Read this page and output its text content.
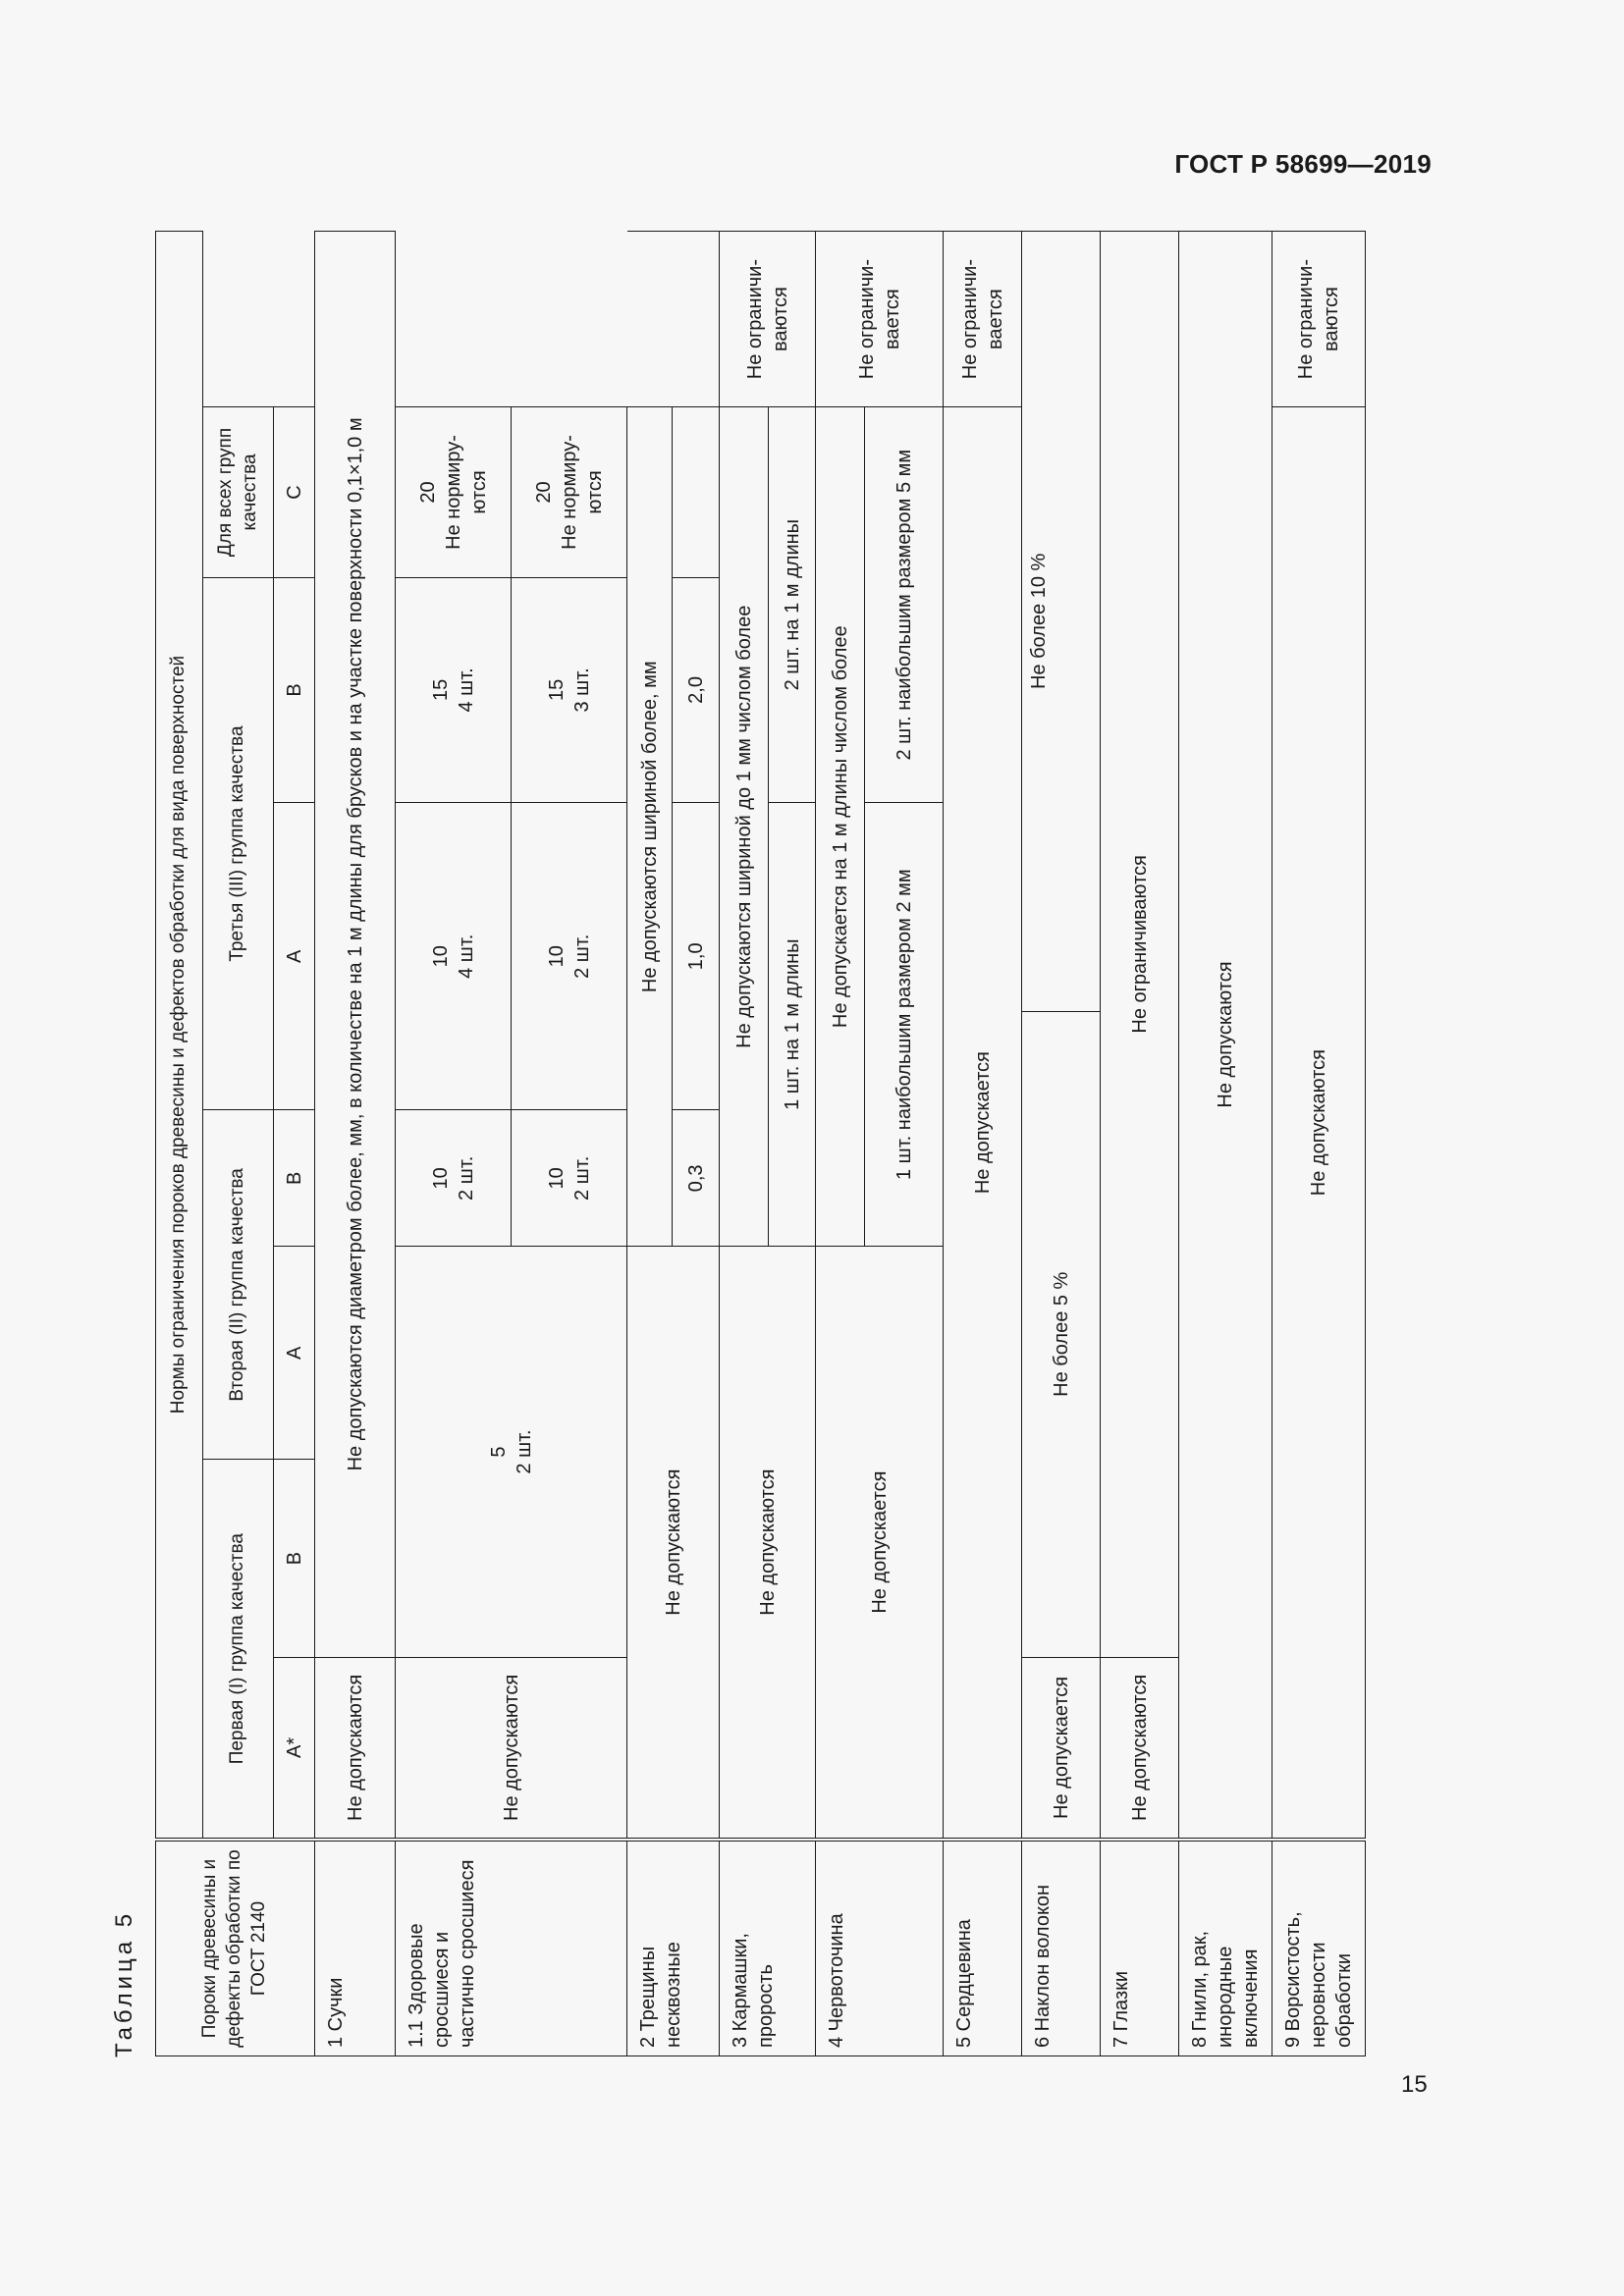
ГОСТ Р 58699—2019
Таблица 5	Пороки древесины и дефекты обработки по ГОСТ 2140	Нормы ограничения пороков древесины и дефектов обработки для вида поверхностей								
	Первая (I) группа качества		Вторая (II) группа качества		Третья (III) группа качества			Для всех групп качества	
	A*	B	A	B	A		B	C	
1 Сучки	Не допускаются	Не допускаются диаметром более, мм, в количестве на 1 м длины для брусков и на участке поверхности 0,1×1,0 м							
1.1 Здоровые сросшиеся и частично сросшиеся	Не допускаются	5 2 шт.		10 2 шт.	10 4 шт.		15 4 шт.	20 Не нормиру-ются	

				10 2 шт.	10 2 шт.		15 3 шт.	20 Не нормиру-ются	

2 Трещины несквозные	Не допускаются			Не допускаются шириной более, мм					
				0,3	1,0		2,0		
3 Кармашки, прорость	Не допускаются			Не допускаются шириной до 1 мм числом более					Не ограничи-ваются
				1 шт. на 1 м длины			2 шт. на 1 м длины		
4 Червоточина	Не допускается			Не допускается на 1 м длины числом более					Не ограничи-вается
				1 шт. наибольшим размером 2 мм			2 шт. наибольшим размером 5 мм		
5 Сердцевина	Не допускается								Не ограничи-вается
6 Наклон волокон	Не допускается	Не более 5 %				Не более 10 %			
7 Глазки	Не допускаются	Не ограничиваются							
8 Гнили, рак, инородные включения	Не допускаются								
9 Ворсистость, неровности обработки	Не допускаются								Не ограничи-ваются
15
